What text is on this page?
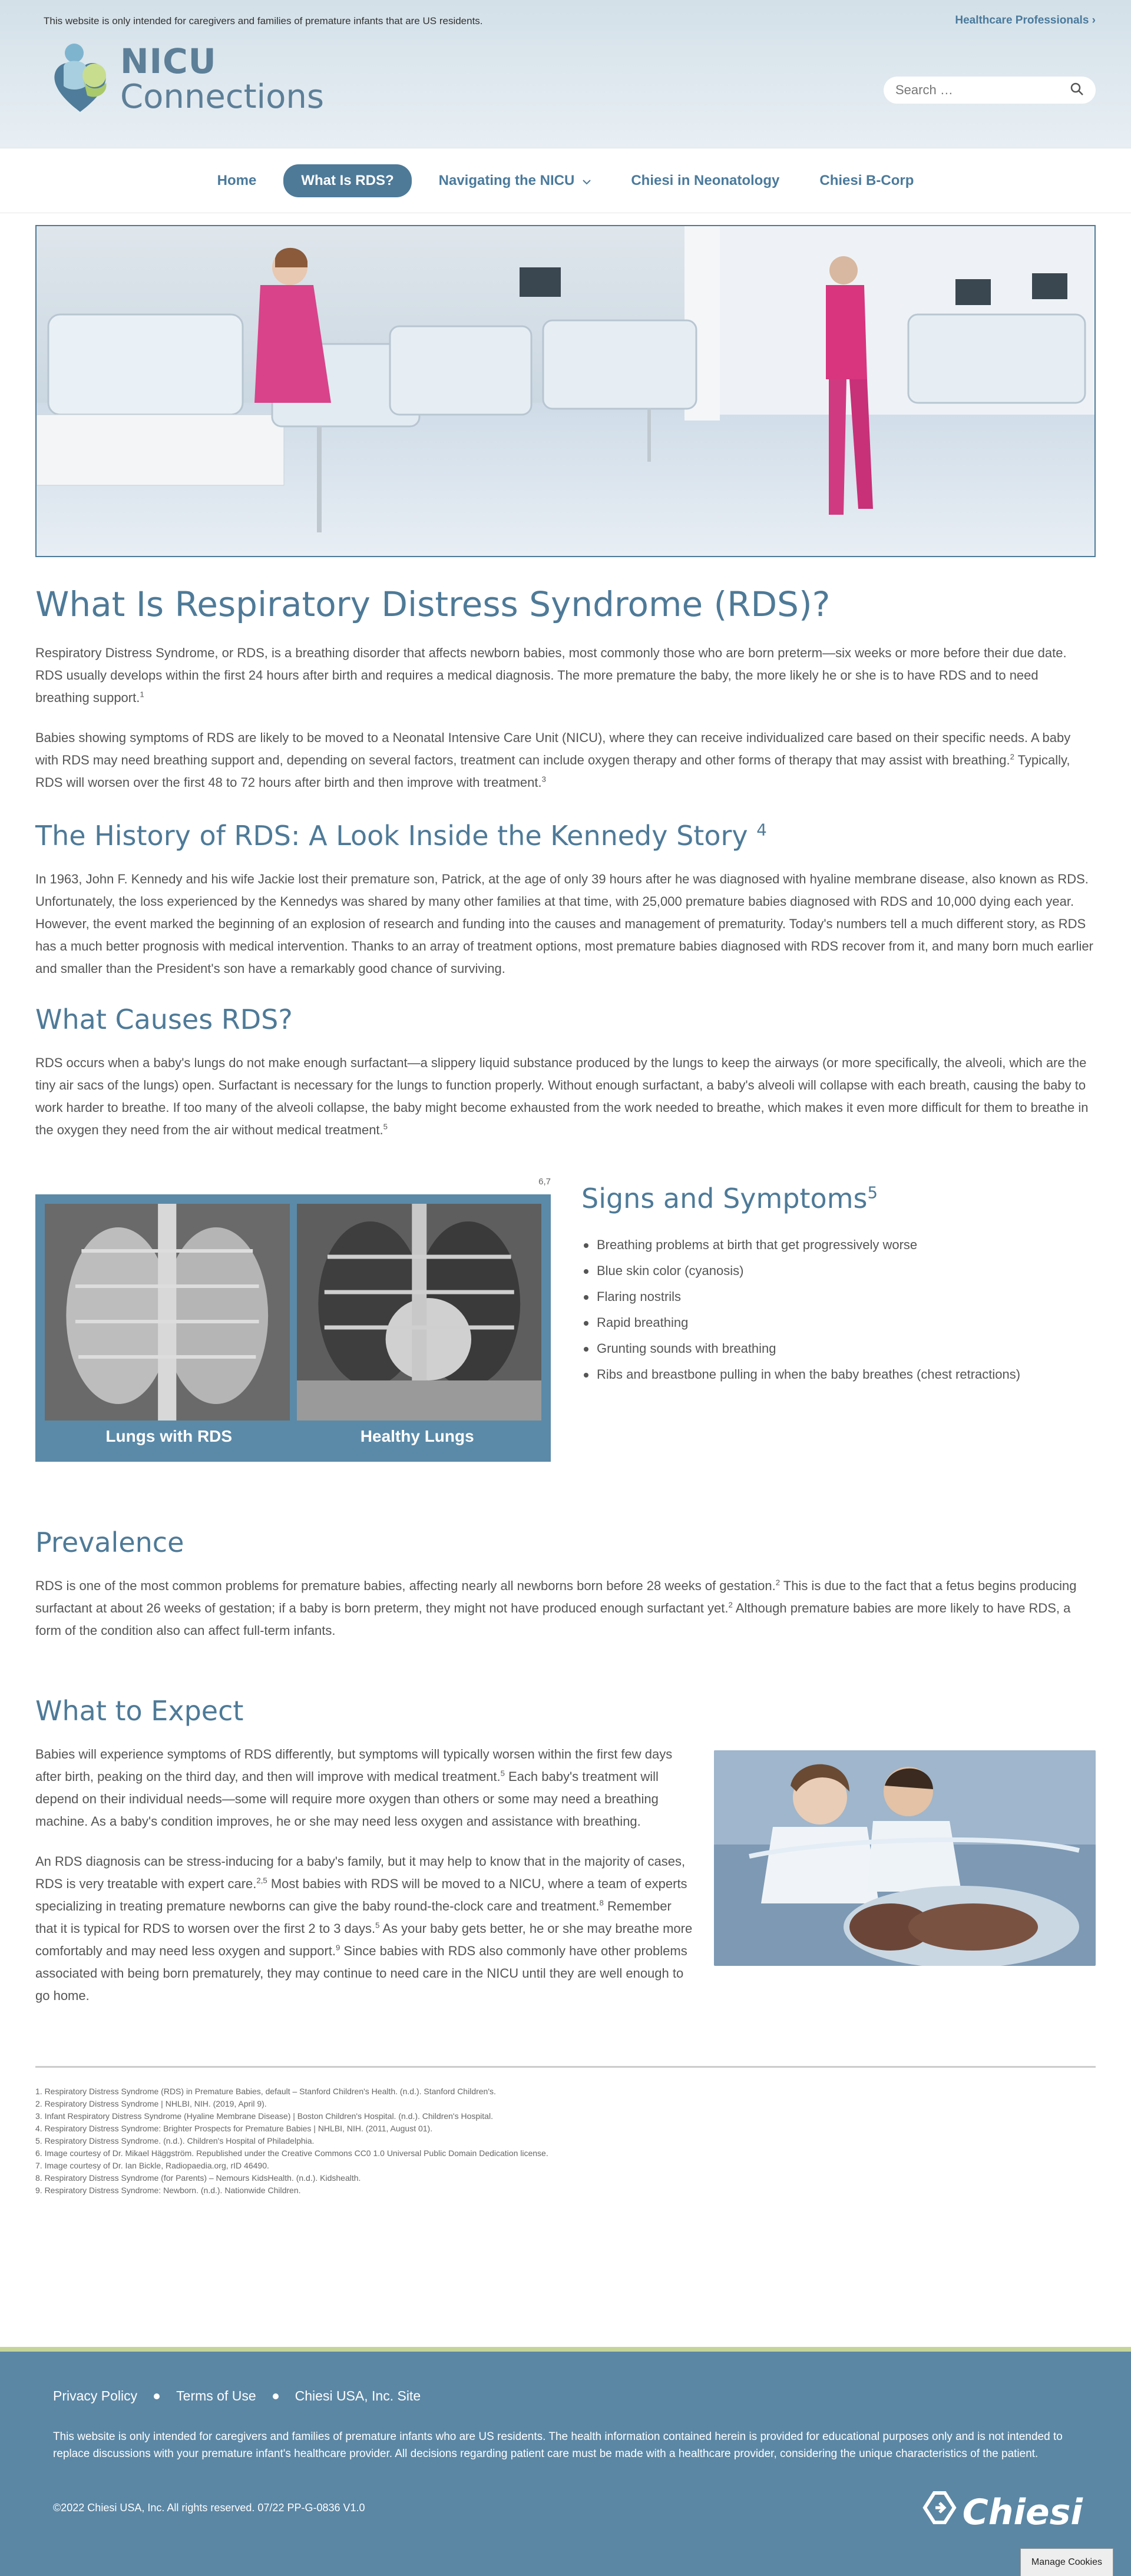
This website is only intended for caregivers and families of premature infants that are US residents.	Healthcare Professionals ›
NICU
Connections
Search …
Home	What Is RDS?	Navigating the NICU	Chiesi in Neonatology	Chiesi B-Corp
What Is Respiratory Distress Syndrome (RDS)?

Respiratory Distress Syndrome, or RDS, is a breathing disorder that affects newborn babies, most commonly those who are born preterm—six weeks or more before their due date. RDS usually develops within the first 24 hours after birth and requires a medical diagnosis. The more premature the baby, the more likely he or she is to have RDS and to need breathing support.$^1$

Babies showing symptoms of RDS are likely to be moved to a Neonatal Intensive Care Unit (NICU), where they can receive individualized care based on their specific needs. A baby with RDS may need breathing support and, depending on several factors, treatment can include oxygen therapy and other forms of therapy that may assist with breathing.$^2$ Typically, RDS will worsen over the first 48 to 72 hours after birth and then improve with treatment.$^3$

The History of RDS: A Look Inside the Kennedy Story $^4$

In 1963, John F. Kennedy and his wife Jackie lost their premature son, Patrick, at the age of only 39 hours after he was diagnosed with hyaline membrane disease, also known as RDS. Unfortunately, the loss experienced by the Kennedys was shared by many other families at that time, with 25,000 premature babies diagnosed with RDS and 10,000 dying each year. However, the event marked the beginning of an explosion of research and funding into the causes and management of prematurity. Today's numbers tell a much different story, as RDS has a much better prognosis with medical intervention. Thanks to an array of treatment options, most premature babies diagnosed with RDS recover from it, and many born much earlier and smaller than the President's son have a remarkably good chance of surviving.

What Causes RDS?

RDS occurs when a baby's lungs do not make enough surfactant—a slippery liquid substance produced by the lungs to keep the airways (or more specifically, the alveoli, which are the tiny air sacs of the lungs) open. Surfactant is necessary for the lungs to function properly. Without enough surfactant, a baby's alveoli will collapse with each breath, causing the baby to work harder to breathe. If too many of the alveoli collapse, the baby might become exhausted from the work needed to breathe, which makes it even more difficult for them to breathe in the oxygen they need from the air without medical treatment.$^5$

6,7
Lungs with RDS	Healthy Lungs
Signs and Symptoms$^5$
Breathing problems at birth that get progressively worse
Blue skin color (cyanosis)
Flaring nostrils
Rapid breathing
Grunting sounds with breathing
Ribs and breastbone pulling in when the baby breathes (chest retractions)
Prevalence

RDS is one of the most common problems for premature babies, affecting nearly all newborns born before 28 weeks of gestation.$^2$ This is due to the fact that a fetus begins producing surfactant at about 26 weeks of gestation; if a baby is born preterm, they might not have produced enough surfactant yet.$^2$ Although premature babies are more likely to have RDS, a form of the condition also can affect full-term infants.

What to Expect

Babies will experience symptoms of RDS differently, but symptoms will typically worsen within the first few days after birth, peaking on the third day, and then will improve with medical treatment.$^5$ Each baby's treatment will depend on their individual needs—some will require more oxygen than others or some may need a breathing machine. As a baby's condition improves, he or she may need less oxygen and assistance with breathing.

An RDS diagnosis can be stress-inducing for a baby's family, but it may help to know that in the majority of cases, RDS is very treatable with expert care.$^{2,5}$ Most babies with RDS will be moved to a NICU, where a team of experts specializing in treating premature newborns can give the baby round-the-clock care and treatment.$^8$ Remember that it is typical for RDS to worsen over the first 2 to 3 days.$^5$ As your baby gets better, he or she may breathe more comfortably and may need less oxygen and support.$^9$ Since babies with RDS also commonly have other problems associated with being born prematurely, they may continue to need care in the NICU until they are well enough to go home.

1. Respiratory Distress Syndrome (RDS) in Premature Babies, default – Stanford Children's Health. (n.d.). Stanford Children's.
2. Respiratory Distress Syndrome | NHLBI, NIH. (2019, April 9).
3. Infant Respiratory Distress Syndrome (Hyaline Membrane Disease) | Boston Children's Hospital. (n.d.). Children's Hospital.
4. Respiratory Distress Syndrome: Brighter Prospects for Premature Babies | NHLBI, NIH. (2011, August 01).
5. Respiratory Distress Syndrome. (n.d.). Children's Hospital of Philadelphia.
6. Image courtesy of Dr. Mikael Häggström. Republished under the Creative Commons CC0 1.0 Universal Public Domain Dedication license.
7. Image courtesy of Dr. Ian Bickle, Radiopaedia.org, rID 46490.
8. Respiratory Distress Syndrome (for Parents) – Nemours KidsHealth. (n.d.). Kidshealth.
9. Respiratory Distress Syndrome: Newborn. (n.d.). Nationwide Children.
Privacy Policy	Terms of Use	Chiesi USA, Inc. Site
This website is only intended for caregivers and families of premature infants who are US residents. The health information contained herein is provided for educational purposes only and is not intended to replace discussions with your premature infant's healthcare provider. All decisions regarding patient care must be made with a healthcare provider, considering the unique characteristics of the patient.
©2022 Chiesi USA, Inc. All rights reserved. 07/22 PP-G-0836 V1.0	Chiesi
Manage Cookies
